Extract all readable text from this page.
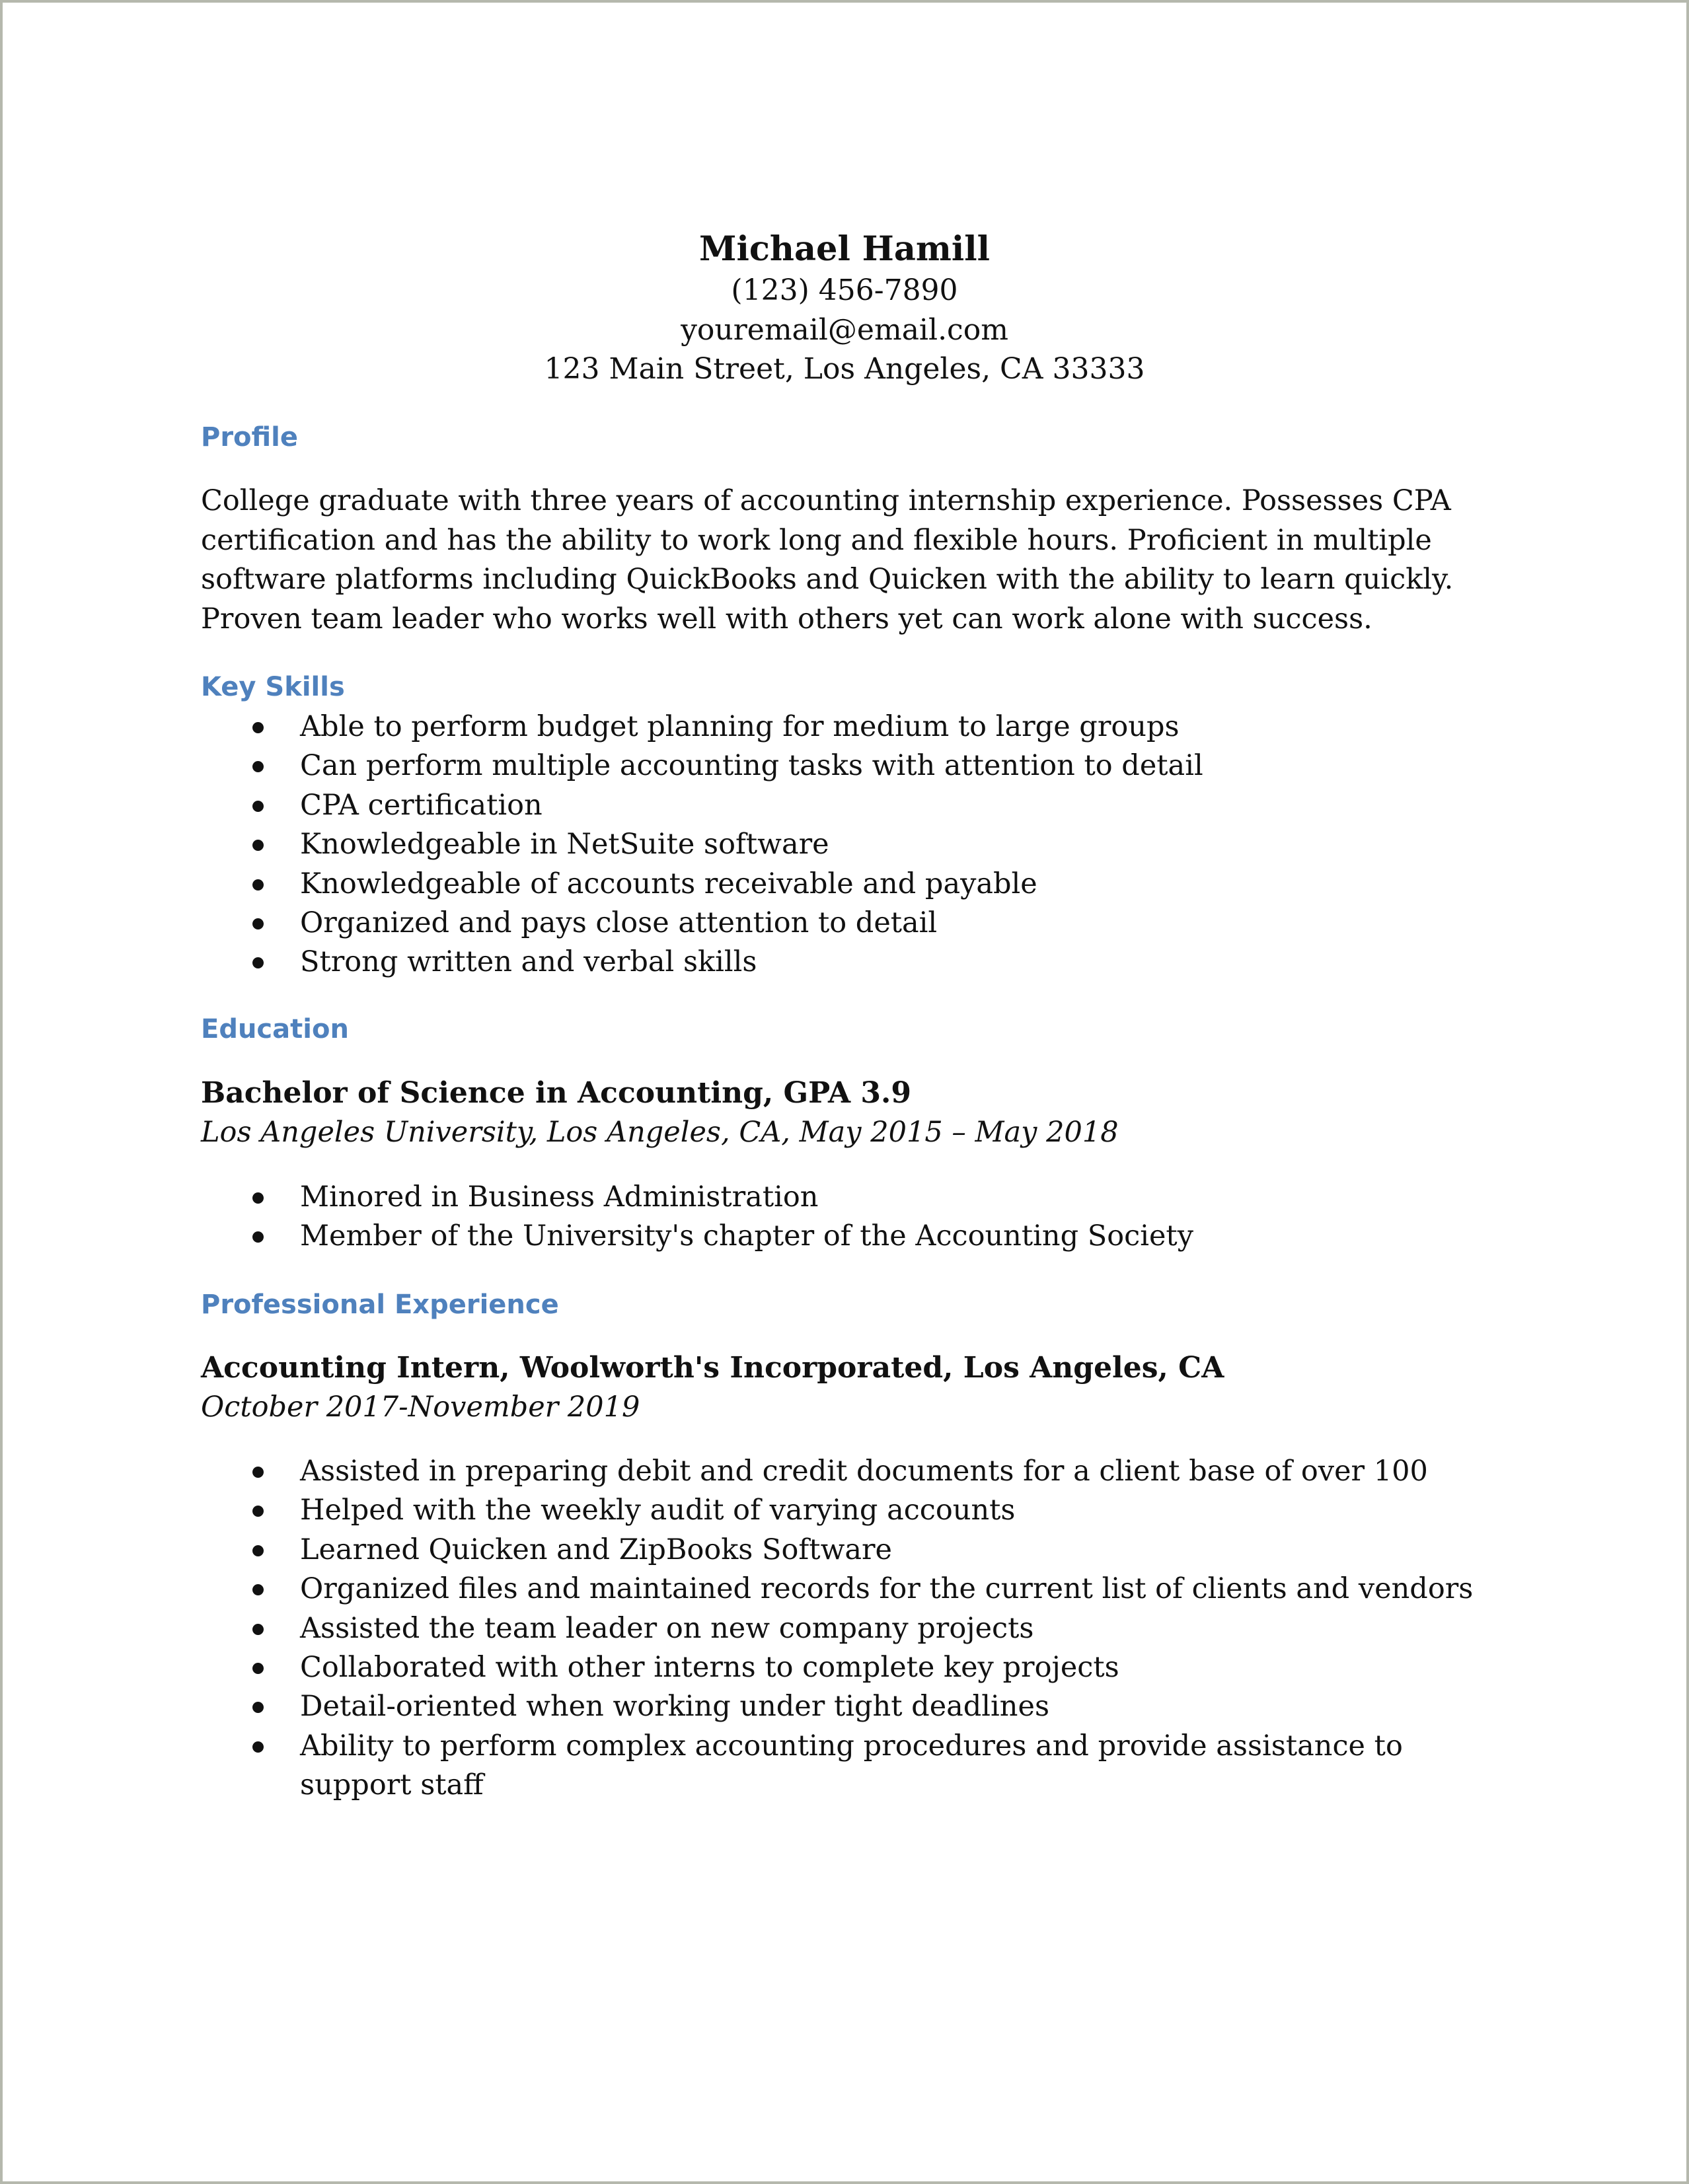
Michael Hamill
(123) 456-7890
youremail@email.com
123 Main Street, Los Angeles, CA 33333
Profile
College graduate with three years of accounting internship experience. Possesses CPA
certification and has the ability to work long and flexible hours. Proficient in multiple
software platforms including QuickBooks and Quicken with the ability to learn quickly.
Proven team leader who works well with others yet can work alone with success.
Key Skills
Able to perform budget planning for medium to large groups
Can perform multiple accounting tasks with attention to detail
CPA certification
Knowledgeable in NetSuite software
Knowledgeable of accounts receivable and payable
Organized and pays close attention to detail
Strong written and verbal skills
Education
Bachelor of Science in Accounting, GPA 3.9
Los Angeles University, Los Angeles, CA, May 2015 – May 2018
Minored in Business Administration
Member of the University's chapter of the Accounting Society
Professional Experience
Accounting Intern, Woolworth's Incorporated, Los Angeles, CA
October 2017-November 2019
Assisted in preparing debit and credit documents for a client base of over 100
Helped with the weekly audit of varying accounts
Learned Quicken and ZipBooks Software
Organized files and maintained records for the current list of clients and vendors
Assisted the team leader on new company projects
Collaborated with other interns to complete key projects
Detail-oriented when working under tight deadlines
Ability to perform complex accounting procedures and provide assistance to
support staff
